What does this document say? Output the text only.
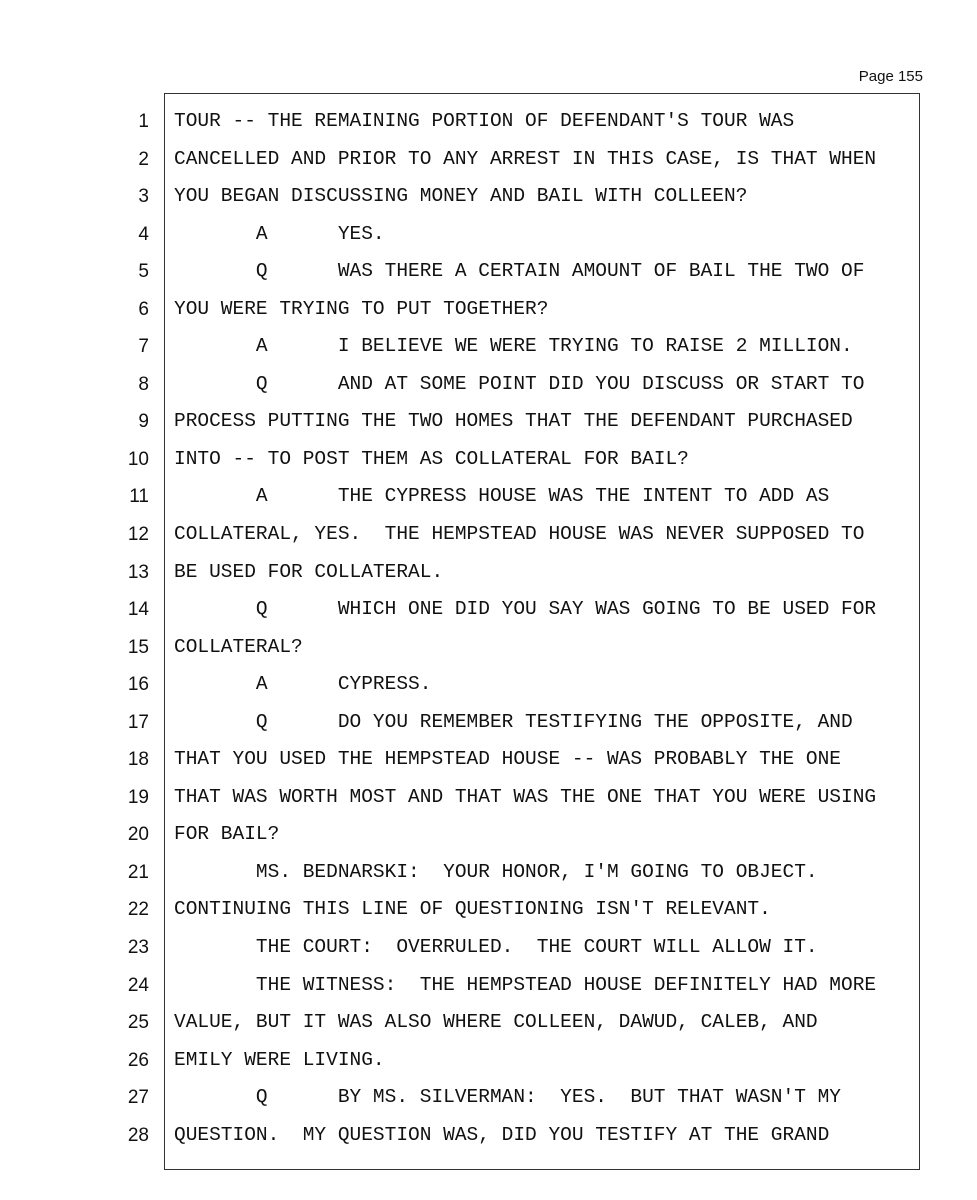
Page 155
1 TOUR -- THE REMAINING PORTION OF DEFENDANT'S TOUR WAS
2 CANCELLED AND PRIOR TO ANY ARREST IN THIS CASE, IS THAT WHEN
3 YOU BEGAN DISCUSSING MONEY AND BAIL WITH COLLEEN?
4 A      YES.
5 Q      WAS THERE A CERTAIN AMOUNT OF BAIL THE TWO OF
6 YOU WERE TRYING TO PUT TOGETHER?
7 A      I BELIEVE WE WERE TRYING TO RAISE 2 MILLION.
8 Q      AND AT SOME POINT DID YOU DISCUSS OR START TO
9 PROCESS PUTTING THE TWO HOMES THAT THE DEFENDANT PURCHASED
10 INTO -- TO POST THEM AS COLLATERAL FOR BAIL?
11 A      THE CYPRESS HOUSE WAS THE INTENT TO ADD AS
12 COLLATERAL, YES.  THE HEMPSTEAD HOUSE WAS NEVER SUPPOSED TO
13 BE USED FOR COLLATERAL.
14 Q      WHICH ONE DID YOU SAY WAS GOING TO BE USED FOR
15 COLLATERAL?
16 A      CYPRESS.
17 Q      DO YOU REMEMBER TESTIFYING THE OPPOSITE, AND
18 THAT YOU USED THE HEMPSTEAD HOUSE -- WAS PROBABLY THE ONE
19 THAT WAS WORTH MOST AND THAT WAS THE ONE THAT YOU WERE USING
20 FOR BAIL?
21 MS. BEDNARSKI:  YOUR HONOR, I'M GOING TO OBJECT.
22 CONTINUING THIS LINE OF QUESTIONING ISN'T RELEVANT.
23 THE COURT:  OVERRULED.  THE COURT WILL ALLOW IT.
24 THE WITNESS:  THE HEMPSTEAD HOUSE DEFINITELY HAD MORE
25 VALUE, BUT IT WAS ALSO WHERE COLLEEN, DAWUD, CALEB, AND
26 EMILY WERE LIVING.
27 Q      BY MS. SILVERMAN:  YES.  BUT THAT WASN'T MY
28 QUESTION.  MY QUESTION WAS, DID YOU TESTIFY AT THE GRAND
